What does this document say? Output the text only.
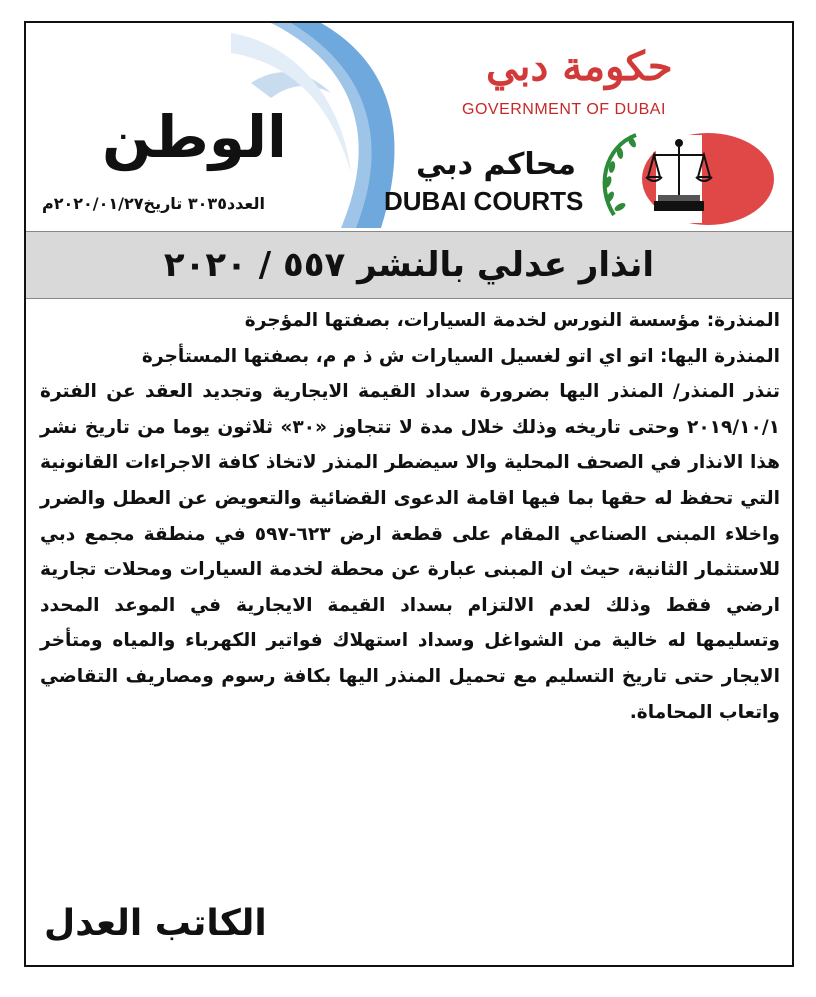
الوطن
العدد٣٠٣٥ تاريخ٢٠٢٠/٠١/٢٧م
حكومة دبي
GOVERNMENT OF DUBAI
محاكم دبي
DUBAI COURTS
انذار عدلي بالنشر ٥٥٧ / ٢٠٢٠

المنذرة: مؤسسة النورس لخدمة السيارات، بصفتها المؤجرة

المنذرة اليها: اتو اي اتو لغسيل السيارات ش ذ م م، بصفتها المستأجرة

تنذر المنذر/ المنذر اليها بضرورة سداد القيمة الايجارية وتجديد العقد عن الفترة ٢٠١٩/١٠/١ وحتى تاريخه وذلك خلال مدة لا تتجاوز «٣٠» ثلاثون يوما من تاريخ نشر هذا الانذار في الصحف المحلية والا سيضطر المنذر لاتخاذ كافة الاجراءات القانونية التي تحفظ له حقها بما فيها اقامة الدعوى القضائية والتعويض عن العطل والضرر واخلاء المبنى الصناعي المقام على قطعة ارض ٦٢٣-٥٩٧ في منطقة مجمع دبي للاستثمار الثانية، حيث ان المبنى عبارة عن محطة لخدمة السيارات ومحلات تجارية ارضي فقط وذلك لعدم الالتزام بسداد القيمة الايجارية في الموعد المحدد وتسليمها له خالية من الشواغل وسداد استهلاك فواتير الكهرباء والمياه ومتأخر الايجار حتى تاريخ التسليم مع تحميل المنذر اليها بكافة رسوم ومصاريف التقاضي واتعاب المحاماة.

الكاتب العدل
